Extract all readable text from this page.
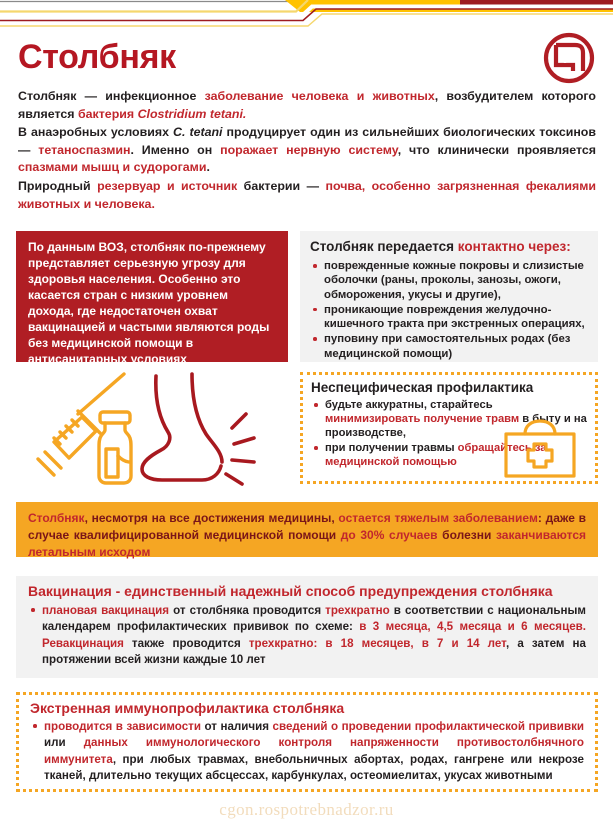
Столбняк

Столбняк — инфекционное заболевание человека и животных, возбудителем которого является бактерия Clostridium tetani.

В анаэробных условиях C. tetani продуцирует один из сильнейших биологических токсинов — тетаноспазмин. Именно он поражает нервную систему, что клинически проявляется спазмами мышц и судорогами.

Природный резервуар и источник бактерии — почва, особенно загрязненная фекалиями животных и человека.

По данным ВОЗ, столбняк по-прежнему представляет серьезную угрозу для здоровья населения. Особенно это касается стран с низким уровнем дохода, где недостаточен охват вакцинацией и частыми являются роды без медицинской помощи в антисанитарных условиях
Столбняк передается контактно через:
поврежденные кожные покровы и слизистые оболочки (раны, проколы, занозы, ожоги, обморожения, укусы и другие),
проникающие повреждения желудочно-кишечного тракта при экстренных операциях,
пуповину при самостоятельных родах (без медицинской помощи)
Неспецифическая профилактика
будьте аккуратны, старайтесь минимизировать получение травм в быту и на производстве,
при получении травмы обращайтесь за медицинской помощью
Столбняк, несмотря на все достижения медицины, остается тяжелым заболеванием: даже в случае квалифицированной медицинской помощи до 30% случаев болезни заканчиваются летальным исходом
Вакцинация - единственный надежный способ предупреждения столбняка
плановая вакцинация от столбняка проводится трехкратно в соответствии с национальным календарем профилактических прививок по схеме: в 3 месяца, 4,5 месяца и 6 месяцев. Ревакцинация также проводится трехкратно: в 18 месяцев, в 7 и 14 лет, а затем на протяжении всей жизни каждые 10 лет
Экстренная иммунопрофилактика столбняка
проводится в зависимости от наличия сведений о проведении профилактической прививки или данных иммунологического контроля напряженности противостолбнячного иммунитета, при любых травмах, внебольничных абортах, родах, гангрене или некрозе тканей, длительно текущих абсцессах, карбункулах, остеомиелитах, укусах животными
cgon.rospotrebnadzor.ru
